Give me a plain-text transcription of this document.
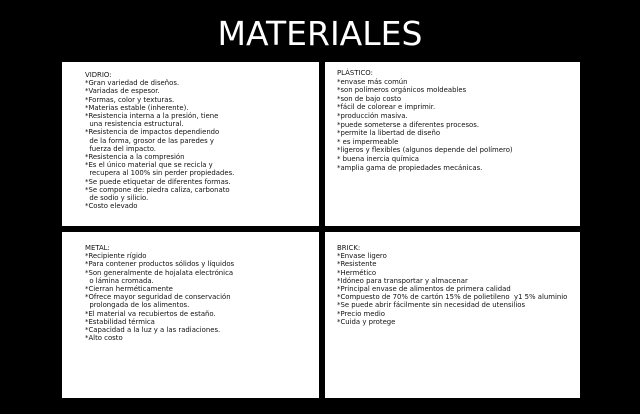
MATERIALES
VIDRIO:
*Gran variedad de diseños.
*Variadas de espesor.
*Formas, color y texturas.
*Materias estable (inherente).
*Resistencia interna a la presión, tiene
una resistencia estructural.
*Resistencia de impactos dependiendo
de la forma, grosor de las paredes y
fuerza del impacto.
*Resistencia a la compresión
*Es el único material que se recicla y
recupera al 100% sin perder propiedades.
*Se puede etiquetar de diferentes formas.
*Se compone de: piedra caliza, carbonato
de sodio y silicio.
*Costo elevado
PLÁSTICO:
*envase más común
*son polímeros orgánicos moldeables
*son de bajo costo
*fácil de colorear e imprimir.
*producción masiva.
*puede someterse a diferentes procesos.
*permite la libertad de diseño
* es impermeable
*ligeros y flexibles (algunos depende del polímero)
* buena inercia química
*amplia gama de propiedades mecánicas.
METAL:
*Recipiente rígido
*Para contener productos sólidos y líquidos
*Son generalmente de hojalata electrónica
o lámina cromada.
*Cierran herméticamente
*Ofrece mayor seguridad de conservación
prolongada de los alimentos.
*El material va recubiertos de estaño.
*Estabilidad térmica
*Capacidad a la luz y a las radiaciones.
*Alto costo
BRICK:
*Envase ligero
*Resistente
*Hermético
*Idóneo para transportar y almacenar
*Principal envase de alimentos de primera calidad
*Compuesto de 70% de cartón 15% de polietileno  y1 5% aluminio
*Se puede abrir fácilmente sin necesidad de utensilios
*Precio medio
*Cuida y protege
